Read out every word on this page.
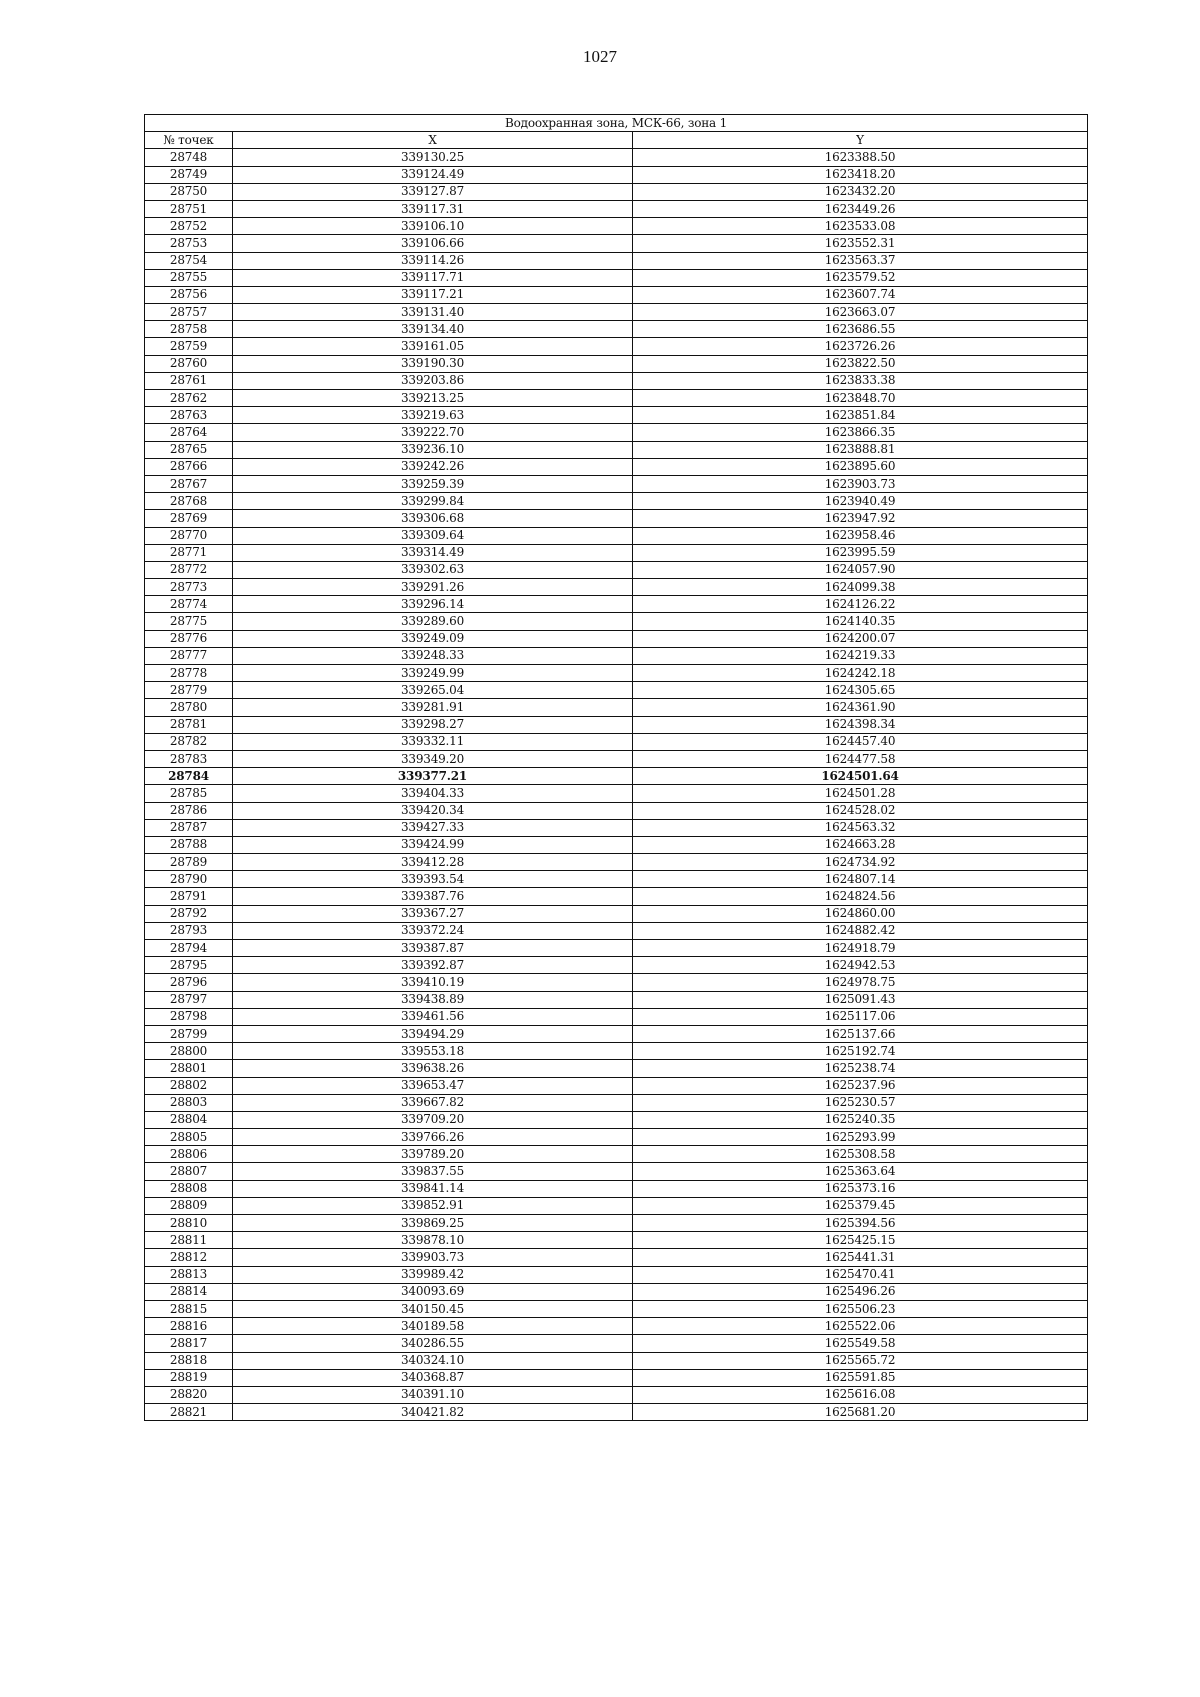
1027
Водоохранная зона, МСК-66, зона 1		
№ точек	X	Y
28748	339130.25	1623388.50
28749	339124.49	1623418.20
28750	339127.87	1623432.20
28751	339117.31	1623449.26
28752	339106.10	1623533.08
28753	339106.66	1623552.31
28754	339114.26	1623563.37
28755	339117.71	1623579.52
28756	339117.21	1623607.74
28757	339131.40	1623663.07
28758	339134.40	1623686.55
28759	339161.05	1623726.26
28760	339190.30	1623822.50
28761	339203.86	1623833.38
28762	339213.25	1623848.70
28763	339219.63	1623851.84
28764	339222.70	1623866.35
28765	339236.10	1623888.81
28766	339242.26	1623895.60
28767	339259.39	1623903.73
28768	339299.84	1623940.49
28769	339306.68	1623947.92
28770	339309.64	1623958.46
28771	339314.49	1623995.59
28772	339302.63	1624057.90
28773	339291.26	1624099.38
28774	339296.14	1624126.22
28775	339289.60	1624140.35
28776	339249.09	1624200.07
28777	339248.33	1624219.33
28778	339249.99	1624242.18
28779	339265.04	1624305.65
28780	339281.91	1624361.90
28781	339298.27	1624398.34
28782	339332.11	1624457.40
28783	339349.20	1624477.58
28784	339377.21	1624501.64
28785	339404.33	1624501.28
28786	339420.34	1624528.02
28787	339427.33	1624563.32
28788	339424.99	1624663.28
28789	339412.28	1624734.92
28790	339393.54	1624807.14
28791	339387.76	1624824.56
28792	339367.27	1624860.00
28793	339372.24	1624882.42
28794	339387.87	1624918.79
28795	339392.87	1624942.53
28796	339410.19	1624978.75
28797	339438.89	1625091.43
28798	339461.56	1625117.06
28799	339494.29	1625137.66
28800	339553.18	1625192.74
28801	339638.26	1625238.74
28802	339653.47	1625237.96
28803	339667.82	1625230.57
28804	339709.20	1625240.35
28805	339766.26	1625293.99
28806	339789.20	1625308.58
28807	339837.55	1625363.64
28808	339841.14	1625373.16
28809	339852.91	1625379.45
28810	339869.25	1625394.56
28811	339878.10	1625425.15
28812	339903.73	1625441.31
28813	339989.42	1625470.41
28814	340093.69	1625496.26
28815	340150.45	1625506.23
28816	340189.58	1625522.06
28817	340286.55	1625549.58
28818	340324.10	1625565.72
28819	340368.87	1625591.85
28820	340391.10	1625616.08
28821	340421.82	1625681.20
